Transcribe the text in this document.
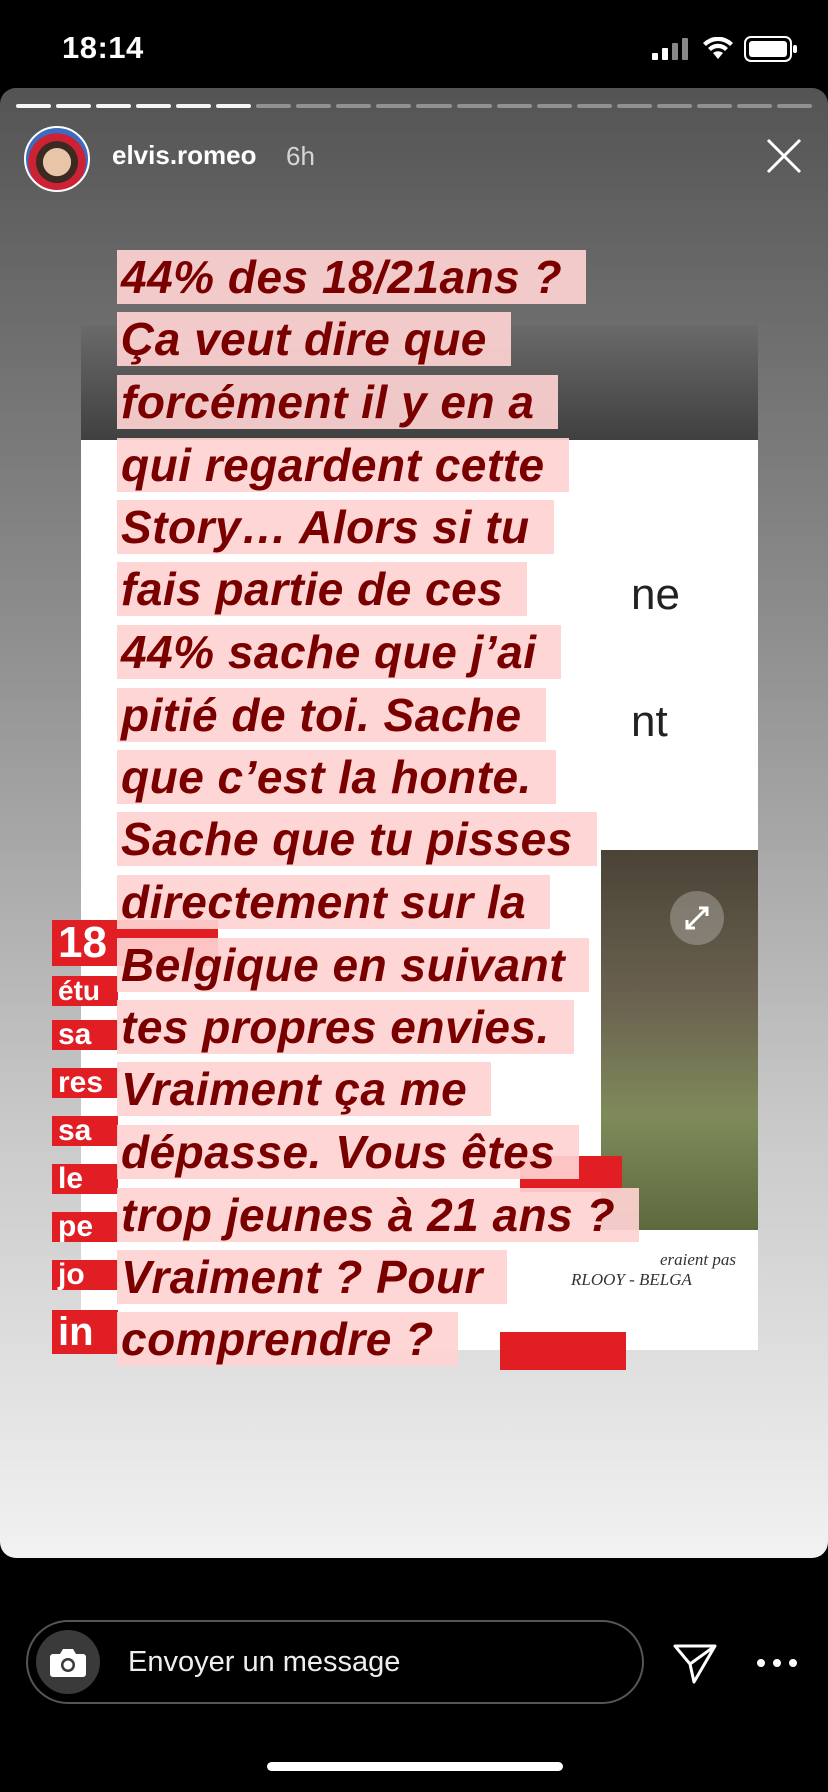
18:14
elvis.romeo 6h
ne
nt
eraient pas
RLOOY - BELGA
18
étu
sa
res
sa
le
pe
jo
in
44% des 18/21ans ?
Ça veut dire que
forcément il y en a
qui regardent cette
Story… Alors si tu
fais partie de ces
44% sache que j’ai
pitié de toi. Sache
que c’est la honte.
Sache que tu pisses
directement sur la
Belgique en suivant
tes propres envies.
Vraiment ça me
dépasse. Vous êtes
trop jeunes à 21 ans ?
Vraiment ? Pour
comprendre ?
Envoyer un message
